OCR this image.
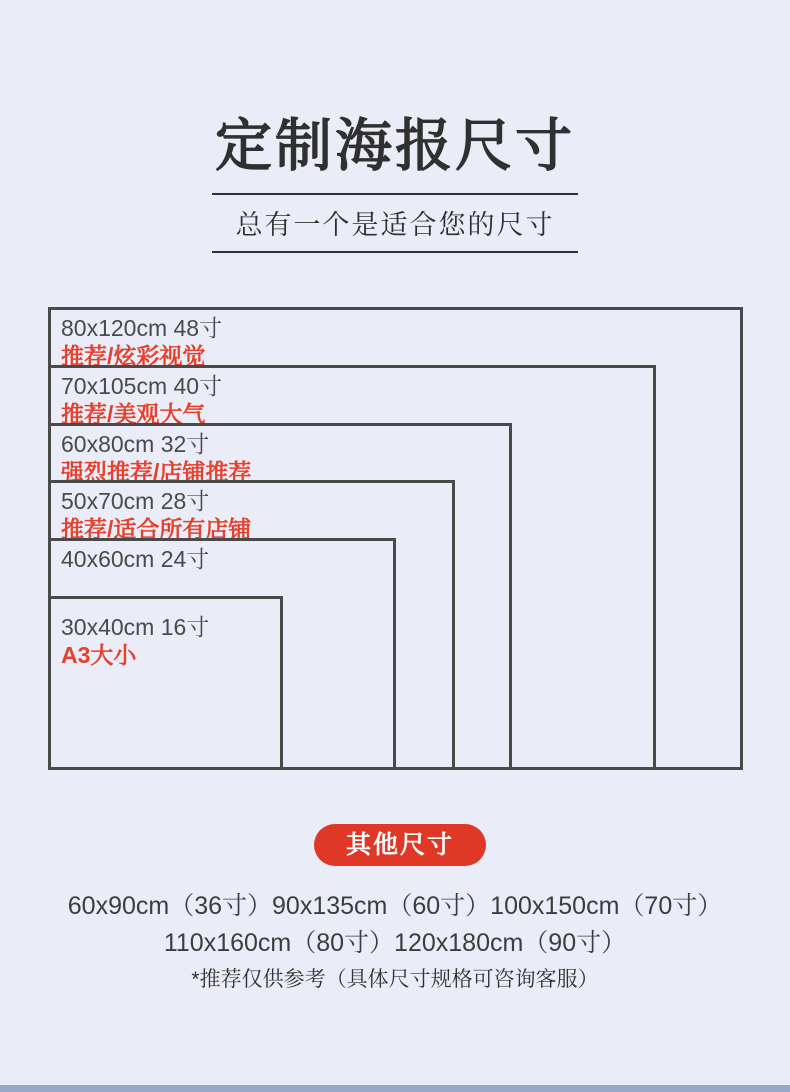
定制海报尺寸
总有一个是适合您的尺寸
80x120cm 48寸
推荐/炫彩视觉
70x105cm 40寸
推荐/美观大气
60x80cm 32寸
强烈推荐/店铺推荐
50x70cm 28寸
推荐/适合所有店铺
40x60cm 24寸
30x40cm 16寸
A3大小
其他尺寸
60x90cm（36寸）90x135cm（60寸）100x150cm（70寸）
110x160cm（80寸）120x180cm（90寸）
*推荐仅供参考（具体尺寸规格可咨询客服）
